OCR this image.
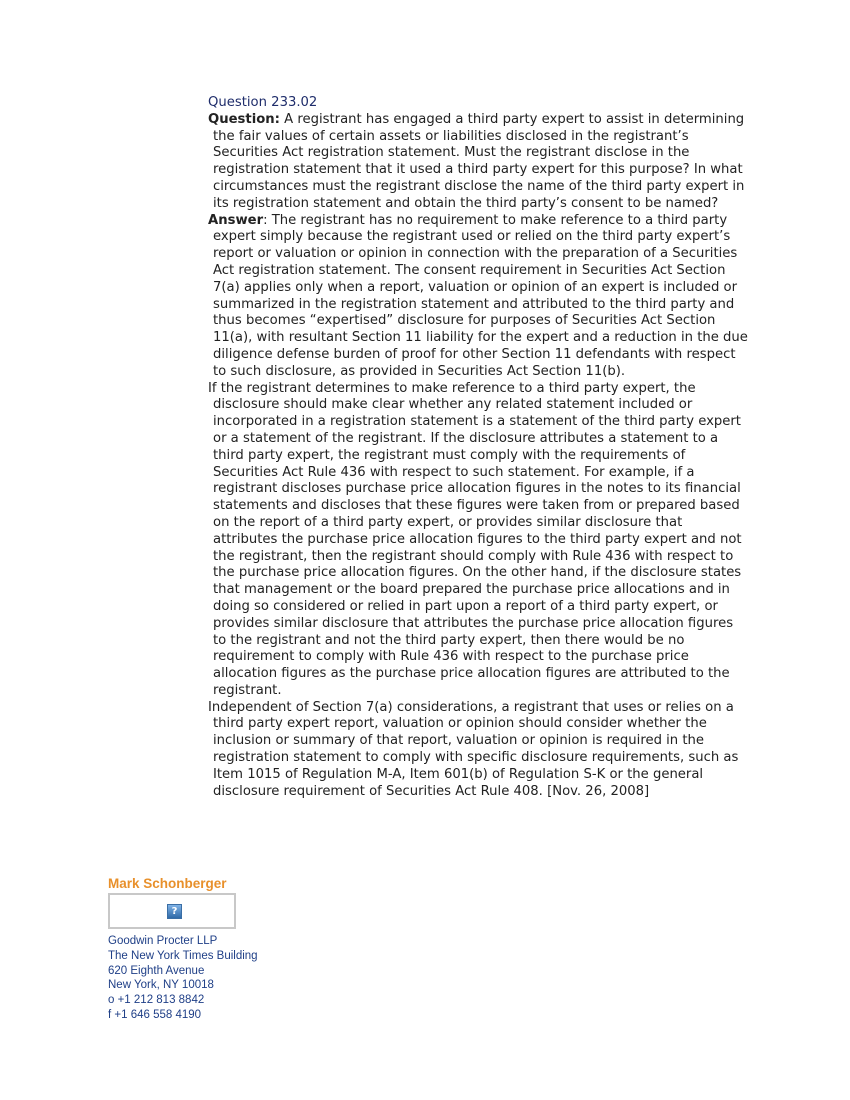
Question 233.02

Question: A registrant has engaged a third party expert to assist in determining the fair values of certain assets or liabilities disclosed in the registrant’s Securities Act registration statement. Must the registrant disclose in the registration statement that it used a third party expert for this purpose? In what circumstances must the registrant disclose the name of the third party expert in its registration statement and obtain the third party’s consent to be named?

Answer: The registrant has no requirement to make reference to a third party expert simply because the registrant used or relied on the third party expert’s report or valuation or opinion in connection with the preparation of a Securities Act registration statement. The consent requirement in Securities Act Section 7(a) applies only when a report, valuation or opinion of an expert is included or summarized in the registration statement and attributed to the third party and thus becomes “expertised” disclosure for purposes of Securities Act Section 11(a), with resultant Section 11 liability for the expert and a reduction in the due diligence defense burden of proof for other Section 11 defendants with respect to such disclosure, as provided in Securities Act Section 11(b).

If the registrant determines to make reference to a third party expert, the disclosure should make clear whether any related statement included or incorporated in a registration statement is a statement of the third party expert or a statement of the registrant. If the disclosure attributes a statement to a third party expert, the registrant must comply with the requirements of Securities Act Rule 436 with respect to such statement. For example, if a registrant discloses purchase price allocation figures in the notes to its financial statements and discloses that these figures were taken from or prepared based on the report of a third party expert, or provides similar disclosure that attributes the purchase price allocation figures to the third party expert and not the registrant, then the registrant should comply with Rule 436 with respect to the purchase price allocation figures. On the other hand, if the disclosure states that management or the board prepared the purchase price allocations and in doing so considered or relied in part upon a report of a third party expert, or provides similar disclosure that attributes the purchase price allocation figures to the registrant and not the third party expert, then there would be no requirement to comply with Rule 436 with respect to the purchase price allocation figures as the purchase price allocation figures are attributed to the registrant.

Independent of Section 7(a) considerations, a registrant that uses or relies on a third party expert report, valuation or opinion should consider whether the inclusion or summary of that report, valuation or opinion is required in the registration statement to comply with specific disclosure requirements, such as Item 1015 of Regulation M-A, Item 601(b) of Regulation S-K or the general disclosure requirement of Securities Act Rule 408. [Nov. 26, 2008]

Mark Schonberger

?
Goodwin Procter LLP
The New York Times Building
620 Eighth Avenue
New York, NY 10018
o +1 212 813 8842
f +1 646 558 4190
